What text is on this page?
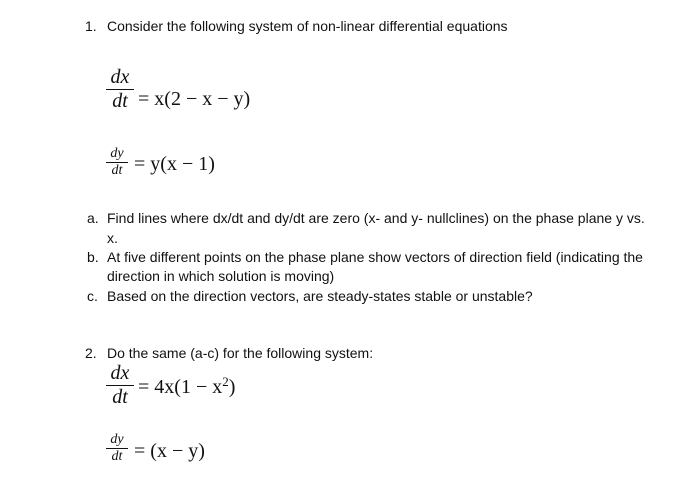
1. Consider the following system of non-linear differential equations
dx
dt = x(2 − x − y)
dy
dt = y(x − 1)
a. Find lines where dx/dt and dy/dt are zero (x- and y- nullclines) on the phase plane y vs.
x.
b. At five different points on the phase plane show vectors of direction field (indicating the
direction in which solution is moving)
c. Based on the direction vectors, are steady-states stable or unstable?
2. Do the same (a-c) for the following system:
dx
dt = $4x(1 - x^2)$
dy
dt = (x − y)
